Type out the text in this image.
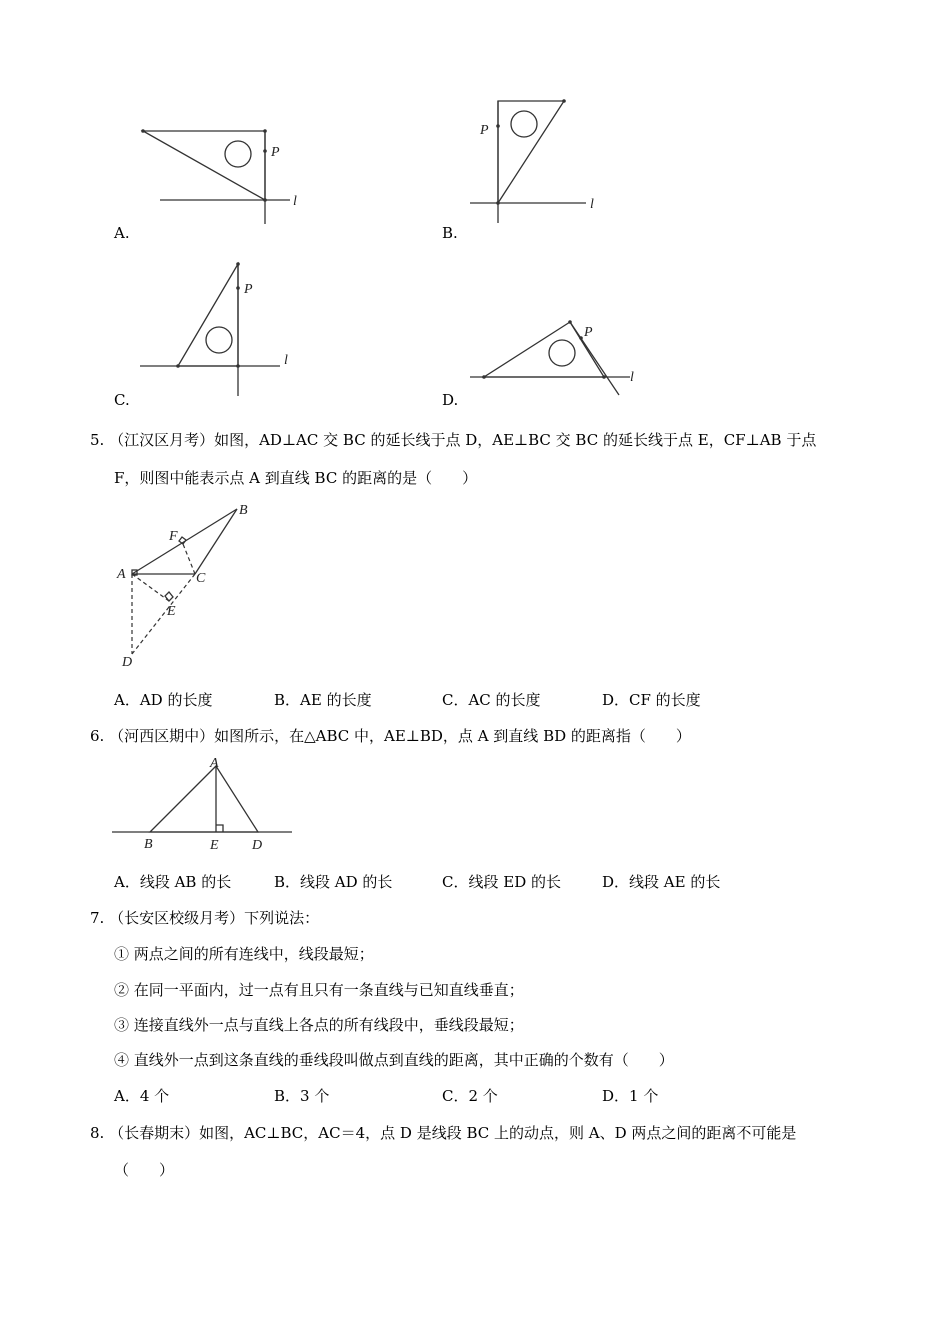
P
l
A.
P
l
B.
P
l
C.
P
l
D.
5. （江汉区月考）如图，AD⊥AC 交 BC 的延长线于点 D，AE⊥BC 交 BC 的延长线于点 E，CF⊥AB 于点
F，则图中能表示点 A 到直线 BC 的距离的是（　　）
A
B
C
D
E
F
A．AD 的长度	B．AE 的长度	C．AC 的长度	D．CF 的长度
6. （河西区期中）如图所示，在△ABC 中，AE⊥BD，点 A 到直线 BD 的距离指（　　）
A
B	E D
A．线段 AB 的长	B．线段 AD 的长	C．线段 ED 的长	D．线段 AE 的长
7. （长安区校级月考）下列说法：
① 两点之间的所有连线中，线段最短；
② 在同一平面内，过一点有且只有一条直线与已知直线垂直；
③ 连接直线外一点与直线上各点的所有线段中，垂线段最短；
④ 直线外一点到这条直线的垂线段叫做点到直线的距离，其中正确的个数有（　　）
A．4 个	B．3 个	C．2 个	D．1 个
8. （长春期末）如图，AC⊥BC，AC＝4，点 D 是线段 BC 上的动点，则 A、D 两点之间的距离不可能是
（　　）
